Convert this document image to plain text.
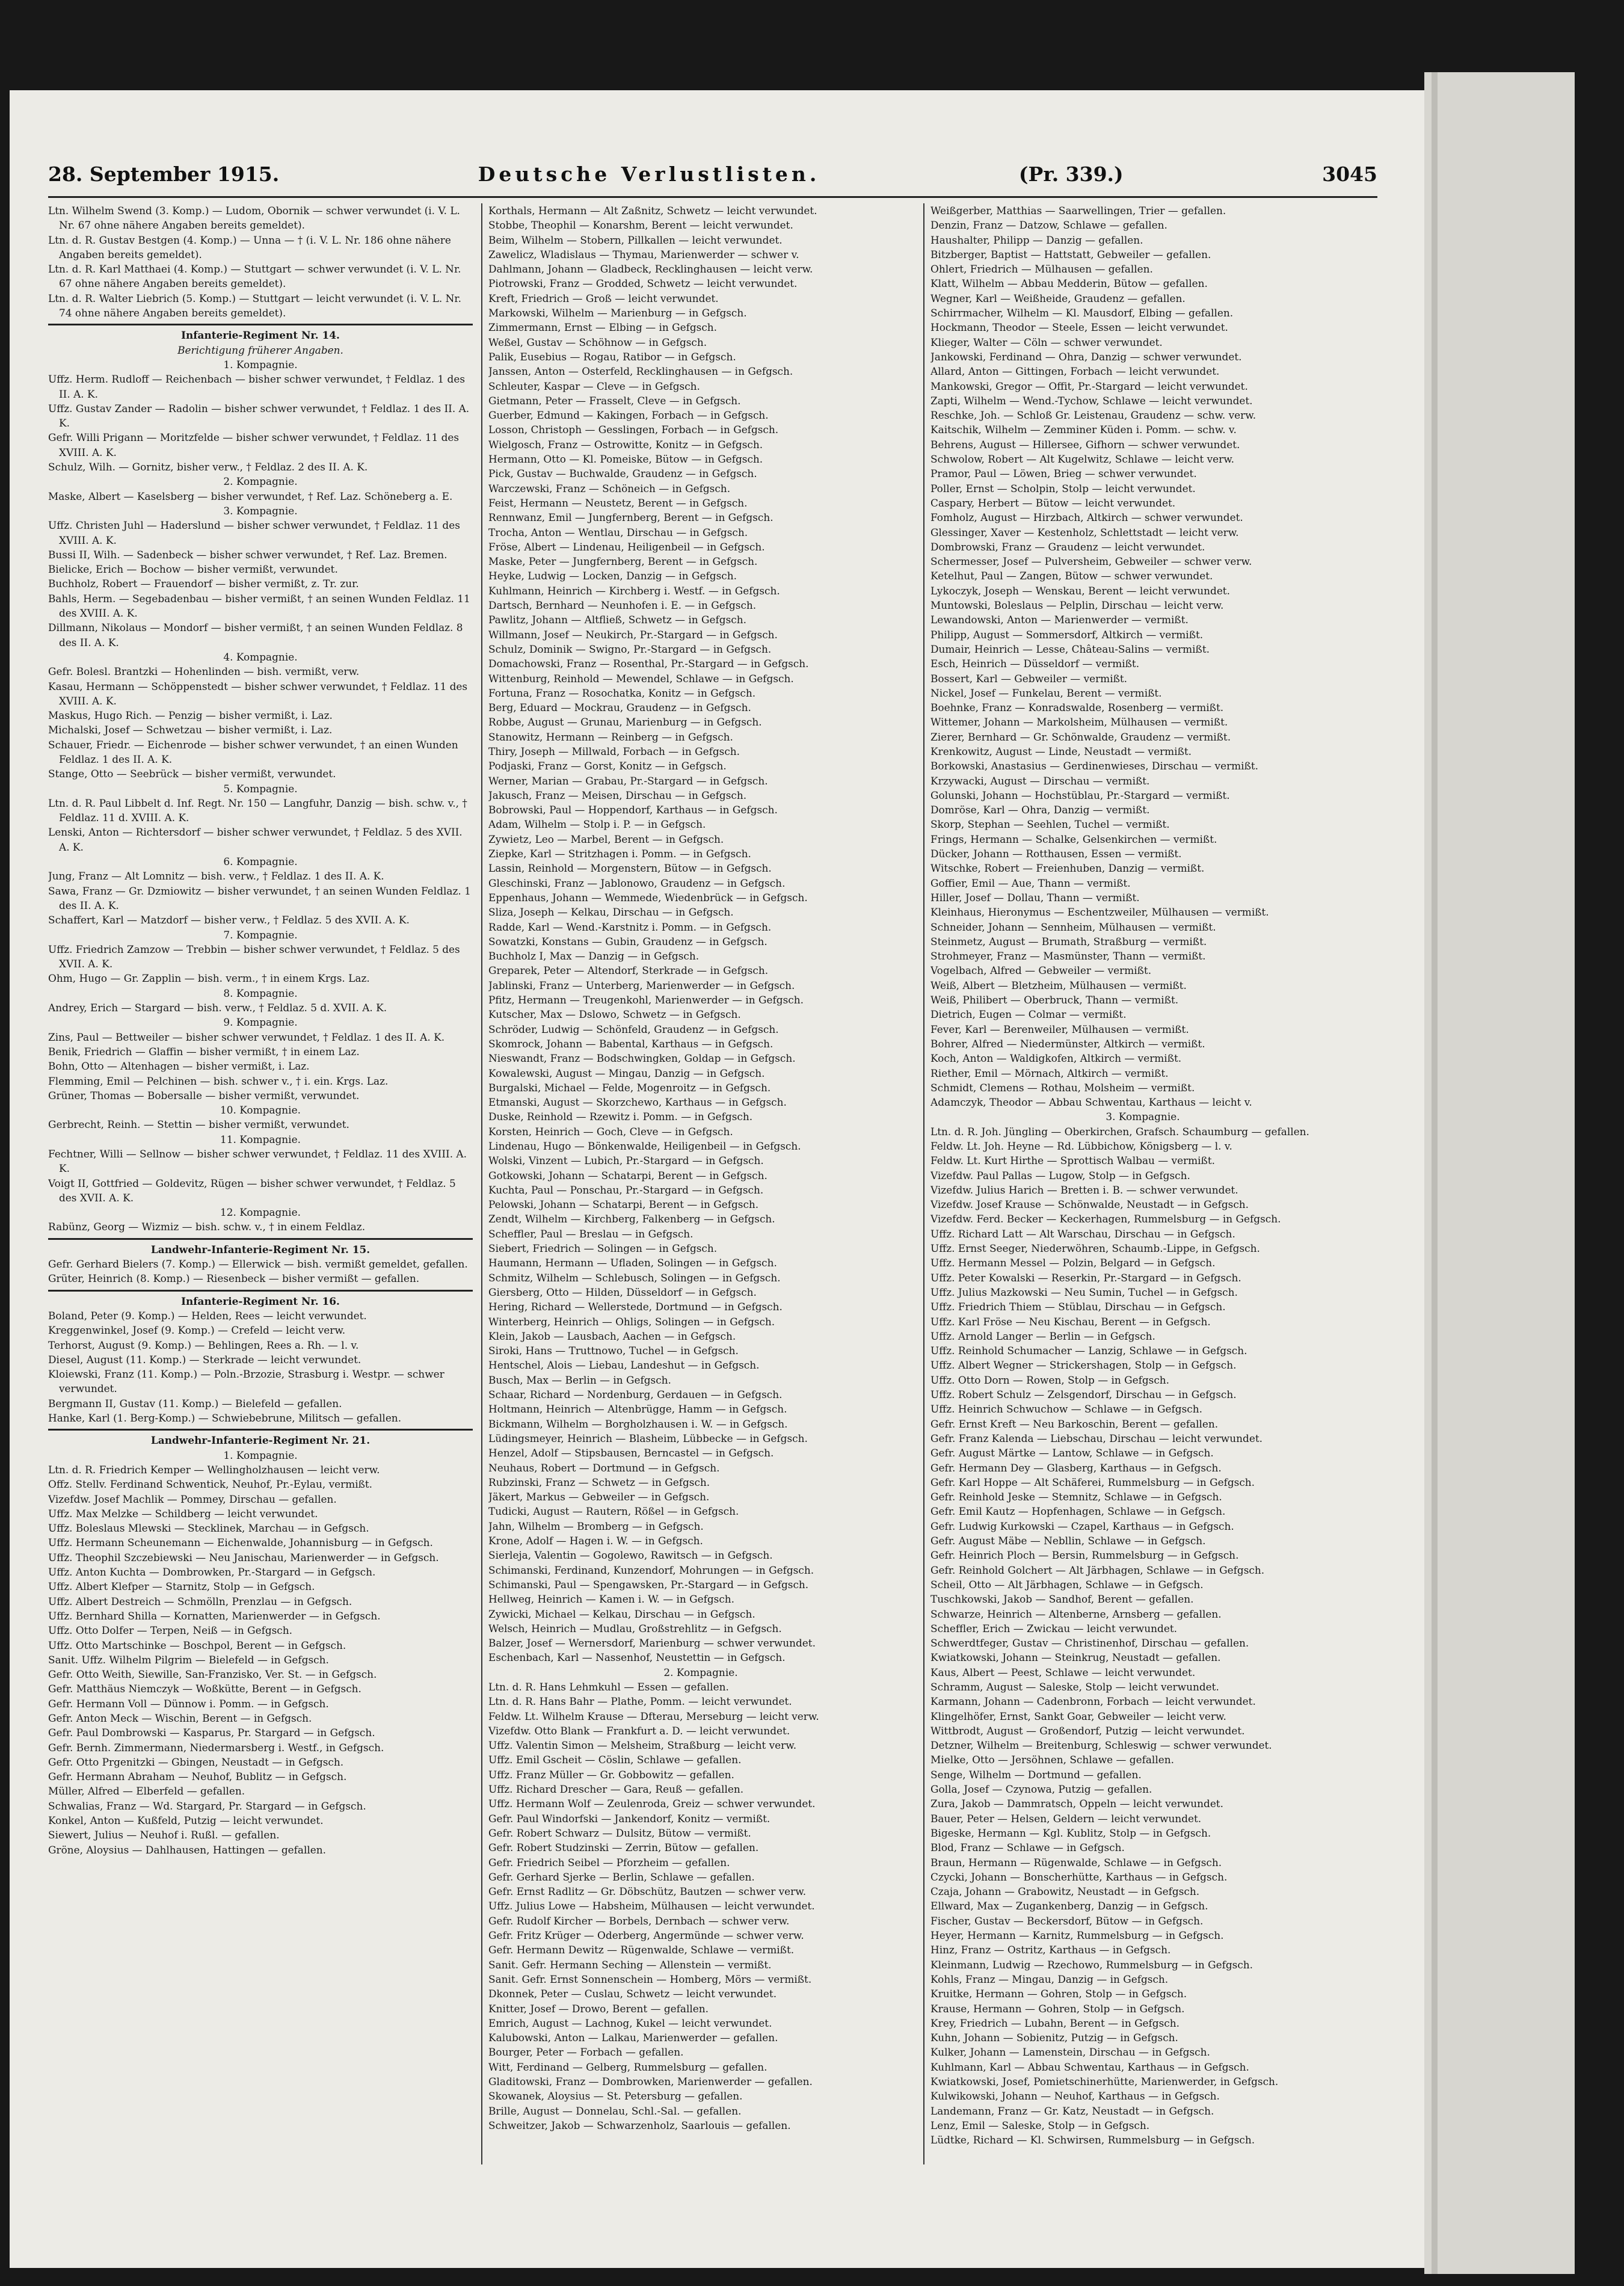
28. September 1915.	Deutsche Verlustlisten.	(Pr. 339.)	3045
Ltn. Wilhelm Swend (3. Komp.) — Ludom, Obornik — schwer verwundet (i. V. L. Nr. 67 ohne nähere Angaben bereits gemeldet).
Ltn. d. R. Gustav Bestgen (4. Komp.) — Unna — † (i. V. L. Nr. 186 ohne nähere Angaben bereits gemeldet).
Ltn. d. R. Karl Matthaei (4. Komp.) — Stuttgart — schwer verwundet (i. V. L. Nr. 67 ohne nähere Angaben bereits gemeldet).
Ltn. d. R. Walter Liebrich (5. Komp.) — Stuttgart — leicht verwundet (i. V. L. Nr. 74 ohne nähere Angaben bereits gemeldet).
Infanterie-Regiment Nr. 14.
Berichtigung früherer Angaben.
1. Kompagnie.
Uffz. Herm. Rudloff — Reichenbach — bisher schwer verwundet, † Feldlaz. 1 des II. A. K.
Uffz. Gustav Zander — Radolin — bisher schwer verwundet, † Feldlaz. 1 des II. A. K.
Gefr. Willi Prigann — Moritzfelde — bisher schwer verwundet, † Feldlaz. 11 des XVIII. A. K.
Schulz, Wilh. — Gornitz, bisher verw., † Feldlaz. 2 des II. A. K.
2. Kompagnie.
Maske, Albert — Kaselsberg — bisher verwundet, † Ref. Laz. Schöneberg a. E.
3. Kompagnie.
Uffz. Christen Juhl — Haderslund — bisher schwer verwundet, † Feldlaz. 11 des XVIII. A. K.
Bussi II, Wilh. — Sadenbeck — bisher schwer verwundet, † Ref. Laz. Bremen.
Bielicke, Erich — Bochow — bisher vermißt, verwundet.
Buchholz, Robert — Frauendorf — bisher vermißt, z. Tr. zur.
Bahls, Herm. — Segebadenbau — bisher vermißt, † an seinen Wunden Feldlaz. 11 des XVIII. A. K.
Dillmann, Nikolaus — Mondorf — bisher vermißt, † an seinen Wunden Feldlaz. 8 des II. A. K.
4. Kompagnie.
Gefr. Bolesl. Brantzki — Hohenlinden — bish. vermißt, verw.
Kasau, Hermann — Schöppenstedt — bisher schwer verwundet, † Feldlaz. 11 des XVIII. A. K.
Maskus, Hugo Rich. — Penzig — bisher vermißt, i. Laz.
Michalski, Josef — Schwetzau — bisher vermißt, i. Laz.
Schauer, Friedr. — Eichenrode — bisher schwer verwundet, † an einen Wunden Feldlaz. 1 des II. A. K.
Stange, Otto — Seebrück — bisher vermißt, verwundet.
5. Kompagnie.
Ltn. d. R. Paul Libbelt d. Inf. Regt. Nr. 150 — Langfuhr, Danzig — bish. schw. v., † Feldlaz. 11 d. XVIII. A. K.
Lenski, Anton — Richtersdorf — bisher schwer verwundet, † Feldlaz. 5 des XVII. A. K.
6. Kompagnie.
Jung, Franz — Alt Lomnitz — bish. verw., † Feldlaz. 1 des II. A. K.
Sawa, Franz — Gr. Dzmiowitz — bisher verwundet, † an seinen Wunden Feldlaz. 1 des II. A. K.
Schaffert, Karl — Matzdorf — bisher verw., † Feldlaz. 5 des XVII. A. K.
7. Kompagnie.
Uffz. Friedrich Zamzow — Trebbin — bisher schwer verwundet, † Feldlaz. 5 des XVII. A. K.
Ohm, Hugo — Gr. Zapplin — bish. verm., † in einem Krgs. Laz.
8. Kompagnie.
Andrey, Erich — Stargard — bish. verw., † Feldlaz. 5 d. XVII. A. K.
9. Kompagnie.
Zins, Paul — Bettweiler — bisher schwer verwundet, † Feldlaz. 1 des II. A. K.
Benik, Friedrich — Glaffin — bisher vermißt, † in einem Laz.
Bohn, Otto — Altenhagen — bisher vermißt, i. Laz.
Flemming, Emil — Pelchinen — bish. schwer v., † i. ein. Krgs. Laz.
Grüner, Thomas — Bobersalle — bisher vermißt, verwundet.
10. Kompagnie.
Gerbrecht, Reinh. — Stettin — bisher vermißt, verwundet.
11. Kompagnie.
Fechtner, Willi — Sellnow — bisher schwer verwundet, † Feldlaz. 11 des XVIII. A. K.
Voigt II, Gottfried — Goldevitz, Rügen — bisher schwer verwundet, † Feldlaz. 5 des XVII. A. K.
12. Kompagnie.
Rabünz, Georg — Wizmiz — bish. schw. v., † in einem Feldlaz.
Landwehr-Infanterie-Regiment Nr. 15.
Gefr. Gerhard Bielers (7. Komp.) — Ellerwick — bish. vermißt gemeldet, gefallen.
Grüter, Heinrich (8. Komp.) — Riesenbeck — bisher vermißt — gefallen.
Infanterie-Regiment Nr. 16.
Boland, Peter (9. Komp.) — Helden, Rees — leicht verwundet.
Kreggenwinkel, Josef (9. Komp.) — Crefeld — leicht verw.
Terhorst, August (9. Komp.) — Behlingen, Rees a. Rh. — l. v.
Diesel, August (11. Komp.) — Sterkrade — leicht verwundet.
Kloiewski, Franz (11. Komp.) — Poln.-Brzozie, Strasburg i. Westpr. — schwer verwundet.
Bergmann II, Gustav (11. Komp.) — Bielefeld — gefallen.
Hanke, Karl (1. Berg-Komp.) — Schwiebebrune, Militsch — gefallen.
Landwehr-Infanterie-Regiment Nr. 21.
1. Kompagnie.
Ltn. d. R. Friedrich Kemper — Wellingholzhausen — leicht verw.
Offz. Stellv. Ferdinand Schwentick, Neuhof, Pr.-Eylau, vermißt.
Vizefdw. Josef Machlik — Pommey, Dirschau — gefallen.
Uffz. Max Melzke — Schildberg — leicht verwundet.
Uffz. Boleslaus Mlewski — Stecklinek, Marchau — in Gefgsch.
Uffz. Hermann Scheunemann — Eichenwalde, Johannisburg — in Gefgsch.
Uffz. Theophil Szczebiewski — Neu Janischau, Marienwerder — in Gefgsch.
Uffz. Anton Kuchta — Dombrowken, Pr.-Stargard — in Gefgsch.
Uffz. Albert Klefper — Starnitz, Stolp — in Gefgsch.
Uffz. Albert Destreich — Schmölln, Prenzlau — in Gefgsch.
Uffz. Bernhard Shilla — Kornatten, Marienwerder — in Gefgsch.
Uffz. Otto Dolfer — Terpen, Neiß — in Gefgsch.
Uffz. Otto Martschinke — Boschpol, Berent — in Gefgsch.
Sanit. Uffz. Wilhelm Pilgrim — Bielefeld — in Gefgsch.
Gefr. Otto Weith, Siewille, San-Franzisko, Ver. St. — in Gefgsch.
Gefr. Matthäus Niemczyk — Woßkütte, Berent — in Gefgsch.
Gefr. Hermann Voll — Dünnow i. Pomm. — in Gefgsch.
Gefr. Anton Meck — Wischin, Berent — in Gefgsch.
Gefr. Paul Dombrowski — Kasparus, Pr. Stargard — in Gefgsch.
Gefr. Bernh. Zimmermann, Niedermarsberg i. Westf., in Gefgsch.
Gefr. Otto Prgenitzki — Gbingen, Neustadt — in Gefgsch.
Gefr. Hermann Abraham — Neuhof, Bublitz — in Gefgsch.
Müller, Alfred — Elberfeld — gefallen.
Schwalias, Franz — Wd. Stargard, Pr. Stargard — in Gefgsch.
Konkel, Anton — Kußfeld, Putzig — leicht verwundet.
Siewert, Julius — Neuhof i. Rußl. — gefallen.
Gröne, Aloysius — Dahlhausen, Hattingen — gefallen.
Korthals, Hermann — Alt Zaßnitz, Schwetz — leicht verwundet.
Stobbe, Theophil — Konarshm, Berent — leicht verwundet.
Beim, Wilhelm — Stobern, Pillkallen — leicht verwundet.
Zawelicz, Wladislaus — Thymau, Marienwerder — schwer v.
Dahlmann, Johann — Gladbeck, Recklinghausen — leicht verw.
Piotrowski, Franz — Grodded, Schwetz — leicht verwundet.
Kreft, Friedrich — Groß — leicht verwundet.
Markowski, Wilhelm — Marienburg — in Gefgsch.
Zimmermann, Ernst — Elbing — in Gefgsch.
Weßel, Gustav — Schöhnow — in Gefgsch.
Palik, Eusebius — Rogau, Ratibor — in Gefgsch.
Janssen, Anton — Osterfeld, Recklinghausen — in Gefgsch.
Schleuter, Kaspar — Cleve — in Gefgsch.
Gietmann, Peter — Frasselt, Cleve — in Gefgsch.
Guerber, Edmund — Kakingen, Forbach — in Gefgsch.
Losson, Christoph — Gesslingen, Forbach — in Gefgsch.
Wielgosch, Franz — Ostrowitte, Konitz — in Gefgsch.
Hermann, Otto — Kl. Pomeiske, Bütow — in Gefgsch.
Pick, Gustav — Buchwalde, Graudenz — in Gefgsch.
Warczewski, Franz — Schöneich — in Gefgsch.
Feist, Hermann — Neustetz, Berent — in Gefgsch.
Rennwanz, Emil — Jungfernberg, Berent — in Gefgsch.
Trocha, Anton — Wentlau, Dirschau — in Gefgsch.
Fröse, Albert — Lindenau, Heiligenbeil — in Gefgsch.
Maske, Peter — Jungfernberg, Berent — in Gefgsch.
Heyke, Ludwig — Locken, Danzig — in Gefgsch.
Kuhlmann, Heinrich — Kirchberg i. Westf. — in Gefgsch.
Dartsch, Bernhard — Neunhofen i. E. — in Gefgsch.
Pawlitz, Johann — Altfließ, Schwetz — in Gefgsch.
Willmann, Josef — Neukirch, Pr.-Stargard — in Gefgsch.
Schulz, Dominik — Swigno, Pr.-Stargard — in Gefgsch.
Domachowski, Franz — Rosenthal, Pr.-Stargard — in Gefgsch.
Wittenburg, Reinhold — Mewendel, Schlawe — in Gefgsch.
Fortuna, Franz — Rosochatka, Konitz — in Gefgsch.
Berg, Eduard — Mockrau, Graudenz — in Gefgsch.
Robbe, August — Grunau, Marienburg — in Gefgsch.
Stanowitz, Hermann — Reinberg — in Gefgsch.
Thiry, Joseph — Millwald, Forbach — in Gefgsch.
Podjaski, Franz — Gorst, Konitz — in Gefgsch.
Werner, Marian — Grabau, Pr.-Stargard — in Gefgsch.
Jakusch, Franz — Meisen, Dirschau — in Gefgsch.
Bobrowski, Paul — Hoppendorf, Karthaus — in Gefgsch.
Adam, Wilhelm — Stolp i. P. — in Gefgsch.
Zywietz, Leo — Marbel, Berent — in Gefgsch.
Ziepke, Karl — Stritzhagen i. Pomm. — in Gefgsch.
Lassin, Reinhold — Morgenstern, Bütow — in Gefgsch.
Gleschinski, Franz — Jablonowo, Graudenz — in Gefgsch.
Eppenhaus, Johann — Wemmede, Wiedenbrück — in Gefgsch.
Sliza, Joseph — Kelkau, Dirschau — in Gefgsch.
Radde, Karl — Wend.-Karstnitz i. Pomm. — in Gefgsch.
Sowatzki, Konstans — Gubin, Graudenz — in Gefgsch.
Buchholz I, Max — Danzig — in Gefgsch.
Greparek, Peter — Altendorf, Sterkrade — in Gefgsch.
Jablinski, Franz — Unterberg, Marienwerder — in Gefgsch.
Pfitz, Hermann — Treugenkohl, Marienwerder — in Gefgsch.
Kutscher, Max — Dslowo, Schwetz — in Gefgsch.
Schröder, Ludwig — Schönfeld, Graudenz — in Gefgsch.
Skomrock, Johann — Babental, Karthaus — in Gefgsch.
Nieswandt, Franz — Bodschwingken, Goldap — in Gefgsch.
Kowalewski, August — Mingau, Danzig — in Gefgsch.
Burgalski, Michael — Felde, Mogenroitz — in Gefgsch.
Etmanski, August — Skorzchewo, Karthaus — in Gefgsch.
Duske, Reinhold — Rzewitz i. Pomm. — in Gefgsch.
Korsten, Heinrich — Goch, Cleve — in Gefgsch.
Lindenau, Hugo — Bönkenwalde, Heiligenbeil — in Gefgsch.
Wolski, Vinzent — Lubich, Pr.-Stargard — in Gefgsch.
Gotkowski, Johann — Schatarpi, Berent — in Gefgsch.
Kuchta, Paul — Ponschau, Pr.-Stargard — in Gefgsch.
Pelowski, Johann — Schatarpi, Berent — in Gefgsch.
Zendt, Wilhelm — Kirchberg, Falkenberg — in Gefgsch.
Scheffler, Paul — Breslau — in Gefgsch.
Siebert, Friedrich — Solingen — in Gefgsch.
Haumann, Hermann — Ufladen, Solingen — in Gefgsch.
Schmitz, Wilhelm — Schlebusch, Solingen — in Gefgsch.
Giersberg, Otto — Hilden, Düsseldorf — in Gefgsch.
Hering, Richard — Wellerstede, Dortmund — in Gefgsch.
Winterberg, Heinrich — Ohligs, Solingen — in Gefgsch.
Klein, Jakob — Lausbach, Aachen — in Gefgsch.
Siroki, Hans — Truttnowo, Tuchel — in Gefgsch.
Hentschel, Alois — Liebau, Landeshut — in Gefgsch.
Busch, Max — Berlin — in Gefgsch.
Schaar, Richard — Nordenburg, Gerdauen — in Gefgsch.
Holtmann, Heinrich — Altenbrügge, Hamm — in Gefgsch.
Bickmann, Wilhelm — Borgholzhausen i. W. — in Gefgsch.
Lüdingsmeyer, Heinrich — Blasheim, Lübbecke — in Gefgsch.
Henzel, Adolf — Stipsbausen, Berncastel — in Gefgsch.
Neuhaus, Robert — Dortmund — in Gefgsch.
Rubzinski, Franz — Schwetz — in Gefgsch.
Jäkert, Markus — Gebweiler — in Gefgsch.
Tudicki, August — Rautern, Rößel — in Gefgsch.
Jahn, Wilhelm — Bromberg — in Gefgsch.
Krone, Adolf — Hagen i. W. — in Gefgsch.
Sierleja, Valentin — Gogolewo, Rawitsch — in Gefgsch.
Schimanski, Ferdinand, Kunzendorf, Mohrungen — in Gefgsch.
Schimanski, Paul — Spengawsken, Pr.-Stargard — in Gefgsch.
Hellweg, Heinrich — Kamen i. W. — in Gefgsch.
Zywicki, Michael — Kelkau, Dirschau — in Gefgsch.
Welsch, Heinrich — Mudlau, Großstrehlitz — in Gefgsch.
Balzer, Josef — Wernersdorf, Marienburg — schwer verwundet.
Eschenbach, Karl — Nassenhof, Neustettin — in Gefgsch.
2. Kompagnie.
Ltn. d. R. Hans Lehmkuhl — Essen — gefallen.
Ltn. d. R. Hans Bahr — Plathe, Pomm. — leicht verwundet.
Feldw. Lt. Wilhelm Krause — Dfterau, Merseburg — leicht verw.
Vizefdw. Otto Blank — Frankfurt a. D. — leicht verwundet.
Uffz. Valentin Simon — Melsheim, Straßburg — leicht verw.
Uffz. Emil Gscheit — Cöslin, Schlawe — gefallen.
Uffz. Franz Müller — Gr. Gobbowitz — gefallen.
Uffz. Richard Drescher — Gara, Reuß — gefallen.
Uffz. Hermann Wolf — Zeulenroda, Greiz — schwer verwundet.
Gefr. Paul Windorfski — Jankendorf, Konitz — vermißt.
Gefr. Robert Schwarz — Dulsitz, Bütow — vermißt.
Gefr. Robert Studzinski — Zerrin, Bütow — gefallen.
Gefr. Friedrich Seibel — Pforzheim — gefallen.
Gefr. Gerhard Sjerke — Berlin, Schlawe — gefallen.
Gefr. Ernst Radlitz — Gr. Döbschütz, Bautzen — schwer verw.
Uffz. Julius Lowe — Habsheim, Mülhausen — leicht verwundet.
Gefr. Rudolf Kircher — Borbels, Dernbach — schwer verw.
Gefr. Fritz Krüger — Oderberg, Angermünde — schwer verw.
Gefr. Hermann Dewitz — Rügenwalde, Schlawe — vermißt.
Sanit. Gefr. Hermann Seching — Allenstein — vermißt.
Sanit. Gefr. Ernst Sonnenschein — Homberg, Mörs — vermißt.
Dkonnek, Peter — Cuslau, Schwetz — leicht verwundet.
Knitter, Josef — Drowo, Berent — gefallen.
Emrich, August — Lachnog, Kukel — leicht verwundet.
Kalubowski, Anton — Lalkau, Marienwerder — gefallen.
Bourger, Peter — Forbach — gefallen.
Witt, Ferdinand — Gelberg, Rummelsburg — gefallen.
Gladitowski, Franz — Dombrowken, Marienwerder — gefallen.
Skowanek, Aloysius — St. Petersburg — gefallen.
Brille, August — Donnelau, Schl.-Sal. — gefallen.
Schweitzer, Jakob — Schwarzenholz, Saarlouis — gefallen.
Weißgerber, Matthias — Saarwellingen, Trier — gefallen.
Denzin, Franz — Datzow, Schlawe — gefallen.
Haushalter, Philipp — Danzig — gefallen.
Bitzberger, Baptist — Hattstatt, Gebweiler — gefallen.
Ohlert, Friedrich — Mülhausen — gefallen.
Klatt, Wilhelm — Abbau Medderin, Bütow — gefallen.
Wegner, Karl — Weißheide, Graudenz — gefallen.
Schirrmacher, Wilhelm — Kl. Mausdorf, Elbing — gefallen.
Hockmann, Theodor — Steele, Essen — leicht verwundet.
Klieger, Walter — Cöln — schwer verwundet.
Jankowski, Ferdinand — Ohra, Danzig — schwer verwundet.
Allard, Anton — Gittingen, Forbach — leicht verwundet.
Mankowski, Gregor — Offit, Pr.-Stargard — leicht verwundet.
Zapti, Wilhelm — Wend.-Tychow, Schlawe — leicht verwundet.
Reschke, Joh. — Schloß Gr. Leistenau, Graudenz — schw. verw.
Kaitschik, Wilhelm — Zemminer Küden i. Pomm. — schw. v.
Behrens, August — Hillersee, Gifhorn — schwer verwundet.
Schwolow, Robert — Alt Kugelwitz, Schlawe — leicht verw.
Pramor, Paul — Löwen, Brieg — schwer verwundet.
Poller, Ernst — Scholpin, Stolp — leicht verwundet.
Caspary, Herbert — Bütow — leicht verwundet.
Fomholz, August — Hirzbach, Altkirch — schwer verwundet.
Glessinger, Xaver — Kestenholz, Schlettstadt — leicht verw.
Dombrowski, Franz — Graudenz — leicht verwundet.
Schermesser, Josef — Pulversheim, Gebweiler — schwer verw.
Ketelhut, Paul — Zangen, Bütow — schwer verwundet.
Lykoczyk, Joseph — Wenskau, Berent — leicht verwundet.
Muntowski, Boleslaus — Pelplin, Dirschau — leicht verw.
Lewandowski, Anton — Marienwerder — vermißt.
Philipp, August — Sommersdorf, Altkirch — vermißt.
Dumair, Heinrich — Lesse, Château-Salins — vermißt.
Esch, Heinrich — Düsseldorf — vermißt.
Bossert, Karl — Gebweiler — vermißt.
Nickel, Josef — Funkelau, Berent — vermißt.
Boehnke, Franz — Konradswalde, Rosenberg — vermißt.
Wittemer, Johann — Markolsheim, Mülhausen — vermißt.
Zierer, Bernhard — Gr. Schönwalde, Graudenz — vermißt.
Krenkowitz, August — Linde, Neustadt — vermißt.
Borkowski, Anastasius — Gerdinenwieses, Dirschau — vermißt.
Krzywacki, August — Dirschau — vermißt.
Golunski, Johann — Hochstüblau, Pr.-Stargard — vermißt.
Domröse, Karl — Ohra, Danzig — vermißt.
Skorp, Stephan — Seehlen, Tuchel — vermißt.
Frings, Hermann — Schalke, Gelsenkirchen — vermißt.
Dücker, Johann — Rotthausen, Essen — vermißt.
Witschke, Robert — Freienhuben, Danzig — vermißt.
Goffier, Emil — Aue, Thann — vermißt.
Hiller, Josef — Dollau, Thann — vermißt.
Kleinhaus, Hieronymus — Eschentzweiler, Mülhausen — vermißt.
Schneider, Johann — Sennheim, Mülhausen — vermißt.
Steinmetz, August — Brumath, Straßburg — vermißt.
Strohmeyer, Franz — Masmünster, Thann — vermißt.
Vogelbach, Alfred — Gebweiler — vermißt.
Weiß, Albert — Bletzheim, Mülhausen — vermißt.
Weiß, Philibert — Oberbruck, Thann — vermißt.
Dietrich, Eugen — Colmar — vermißt.
Fever, Karl — Berenweiler, Mülhausen — vermißt.
Bohrer, Alfred — Niedermünster, Altkirch — vermißt.
Koch, Anton — Waldigkofen, Altkirch — vermißt.
Riether, Emil — Mörnach, Altkirch — vermißt.
Schmidt, Clemens — Rothau, Molsheim — vermißt.
Adamczyk, Theodor — Abbau Schwentau, Karthaus — leicht v.
3. Kompagnie.
Ltn. d. R. Joh. Jüngling — Oberkirchen, Grafsch. Schaumburg — gefallen.
Feldw. Lt. Joh. Heyne — Rd. Lübbichow, Königsberg — l. v.
Feldw. Lt. Kurt Hirthe — Sprottisch Walbau — vermißt.
Vizefdw. Paul Pallas — Lugow, Stolp — in Gefgsch.
Vizefdw. Julius Harich — Bretten i. B. — schwer verwundet.
Vizefdw. Josef Krause — Schönwalde, Neustadt — in Gefgsch.
Vizefdw. Ferd. Becker — Keckerhagen, Rummelsburg — in Gefgsch.
Uffz. Richard Latt — Alt Warschau, Dirschau — in Gefgsch.
Uffz. Ernst Seeger, Niederwöhren, Schaumb.-Lippe, in Gefgsch.
Uffz. Hermann Messel — Polzin, Belgard — in Gefgsch.
Uffz. Peter Kowalski — Reserkin, Pr.-Stargard — in Gefgsch.
Uffz. Julius Mazkowski — Neu Sumin, Tuchel — in Gefgsch.
Uffz. Friedrich Thiem — Stüblau, Dirschau — in Gefgsch.
Uffz. Karl Fröse — Neu Kischau, Berent — in Gefgsch.
Uffz. Arnold Langer — Berlin — in Gefgsch.
Uffz. Reinhold Schumacher — Lanzig, Schlawe — in Gefgsch.
Uffz. Albert Wegner — Strickershagen, Stolp — in Gefgsch.
Uffz. Otto Dorn — Rowen, Stolp — in Gefgsch.
Uffz. Robert Schulz — Zelsgendorf, Dirschau — in Gefgsch.
Uffz. Heinrich Schwuchow — Schlawe — in Gefgsch.
Gefr. Ernst Kreft — Neu Barkoschin, Berent — gefallen.
Gefr. Franz Kalenda — Liebschau, Dirschau — leicht verwundet.
Gefr. August Märtke — Lantow, Schlawe — in Gefgsch.
Gefr. Hermann Dey — Glasberg, Karthaus — in Gefgsch.
Gefr. Karl Hoppe — Alt Schäferei, Rummelsburg — in Gefgsch.
Gefr. Reinhold Jeske — Stemnitz, Schlawe — in Gefgsch.
Gefr. Emil Kautz — Hopfenhagen, Schlawe — in Gefgsch.
Gefr. Ludwig Kurkowski — Czapel, Karthaus — in Gefgsch.
Gefr. August Mäbe — Nebllin, Schlawe — in Gefgsch.
Gefr. Heinrich Ploch — Bersin, Rummelsburg — in Gefgsch.
Gefr. Reinhold Golchert — Alt Järbhagen, Schlawe — in Gefgsch.
Scheil, Otto — Alt Järbhagen, Schlawe — in Gefgsch.
Tuschkowski, Jakob — Sandhof, Berent — gefallen.
Schwarze, Heinrich — Altenberne, Arnsberg — gefallen.
Scheffler, Erich — Zwickau — leicht verwundet.
Schwerdtfeger, Gustav — Christinenhof, Dirschau — gefallen.
Kwiatkowski, Johann — Steinkrug, Neustadt — gefallen.
Kaus, Albert — Peest, Schlawe — leicht verwundet.
Schramm, August — Saleske, Stolp — leicht verwundet.
Karmann, Johann — Cadenbronn, Forbach — leicht verwundet.
Klingelhöfer, Ernst, Sankt Goar, Gebweiler — leicht verw.
Wittbrodt, August — Großendorf, Putzig — leicht verwundet.
Detzner, Wilhelm — Breitenburg, Schleswig — schwer verwundet.
Mielke, Otto — Jersöhnen, Schlawe — gefallen.
Senge, Wilhelm — Dortmund — gefallen.
Golla, Josef — Czynowa, Putzig — gefallen.
Zura, Jakob — Dammratsch, Oppeln — leicht verwundet.
Bauer, Peter — Helsen, Geldern — leicht verwundet.
Bigeske, Hermann — Kgl. Kublitz, Stolp — in Gefgsch.
Blod, Franz — Schlawe — in Gefgsch.
Braun, Hermann — Rügenwalde, Schlawe — in Gefgsch.
Czycki, Johann — Bonscherhütte, Karthaus — in Gefgsch.
Czaja, Johann — Grabowitz, Neustadt — in Gefgsch.
Ellward, Max — Zugankenberg, Danzig — in Gefgsch.
Fischer, Gustav — Beckersdorf, Bütow — in Gefgsch.
Heyer, Hermann — Karnitz, Rummelsburg — in Gefgsch.
Hinz, Franz — Ostritz, Karthaus — in Gefgsch.
Kleinmann, Ludwig — Rzechowo, Rummelsburg — in Gefgsch.
Kohls, Franz — Mingau, Danzig — in Gefgsch.
Kruitke, Hermann — Gohren, Stolp — in Gefgsch.
Krause, Hermann — Gohren, Stolp — in Gefgsch.
Krey, Friedrich — Lubahn, Berent — in Gefgsch.
Kuhn, Johann — Sobienitz, Putzig — in Gefgsch.
Kulker, Johann — Lamenstein, Dirschau — in Gefgsch.
Kuhlmann, Karl — Abbau Schwentau, Karthaus — in Gefgsch.
Kwiatkowski, Josef, Pomietschinerhütte, Marienwerder, in Gefgsch.
Kulwikowski, Johann — Neuhof, Karthaus — in Gefgsch.
Landemann, Franz — Gr. Katz, Neustadt — in Gefgsch.
Lenz, Emil — Saleske, Stolp — in Gefgsch.
Lüdtke, Richard — Kl. Schwirsen, Rummelsburg — in Gefgsch.
